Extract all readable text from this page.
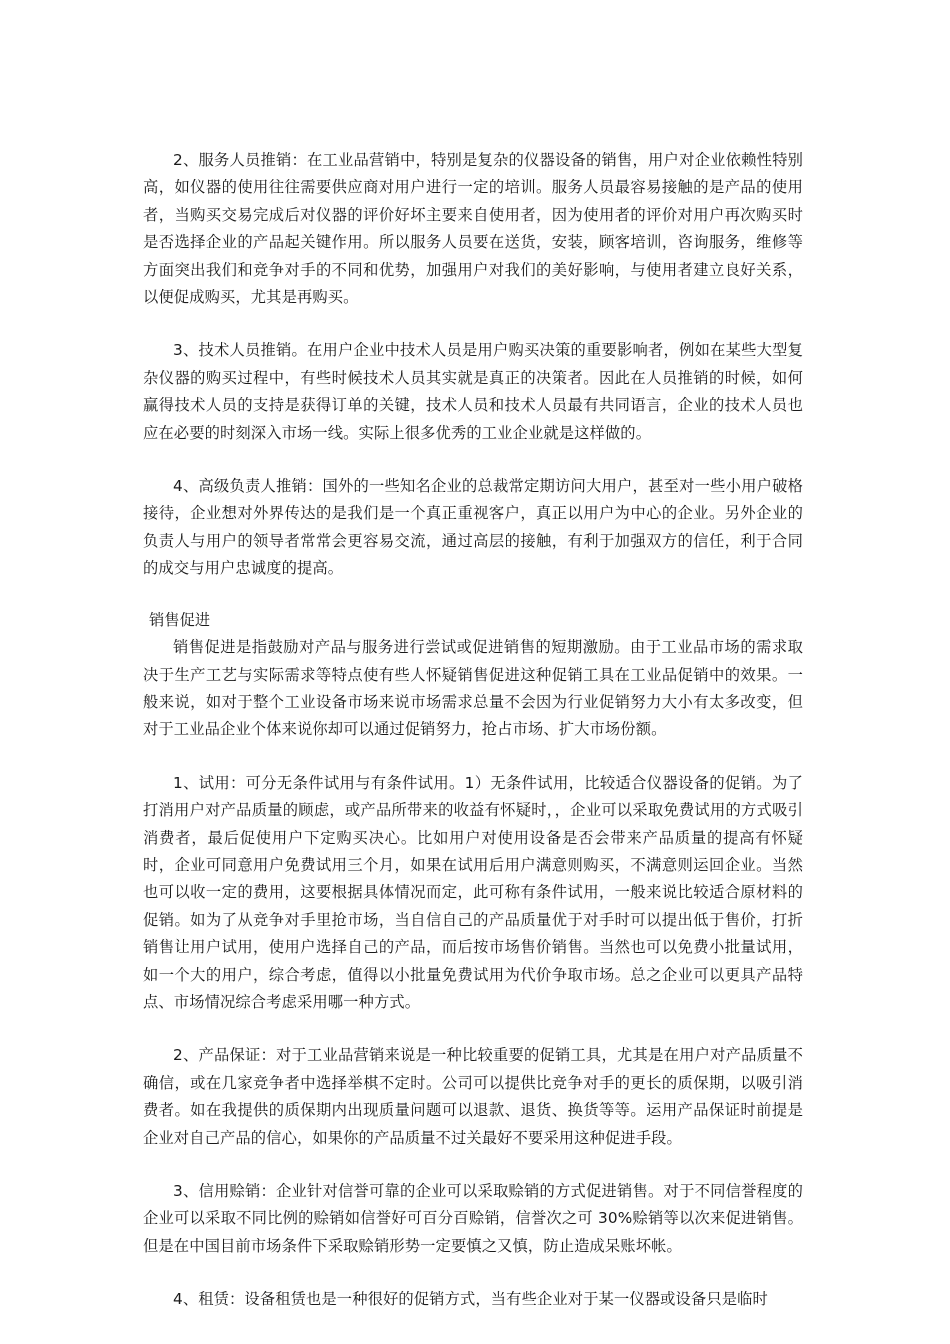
2、服务人员推销：在工业品营销中，特别是复杂的仪器设备的销售，用户对企业依赖性特别高，如仪器的使用往往需要供应商对用户进行一定的培训。服务人员最容易接触的是产品的使用者，当购买交易完成后对仪器的评价好坏主要来自使用者，因为使用者的评价对用户再次购买时是否选择企业的产品起关键作用。所以服务人员要在送货，安装，顾客培训，咨询服务，维修等方面突出我们和竞争对手的不同和优势，加强用户对我们的美好影响，与使用者建立良好关系，以便促成购买，尤其是再购买。

3、技术人员推销。在用户企业中技术人员是用户购买决策的重要影响者，例如在某些大型复杂仪器的购买过程中，有些时候技术人员其实就是真正的决策者。因此在人员推销的时候，如何赢得技术人员的支持是获得订单的关键，技术人员和技术人员最有共同语言，企业的技术人员也应在必要的时刻深入市场一线。实际上很多优秀的工业企业就是这样做的。

4、高级负责人推销：国外的一些知名企业的总裁常定期访问大用户，甚至对一些小用户破格接待，企业想对外界传达的是我们是一个真正重视客户，真正以用户为中心的企业。另外企业的负责人与用户的领导者常常会更容易交流，通过高层的接触，有利于加强双方的信任，利于合同的成交与用户忠诚度的提高。

销售促进

销售促进是指鼓励对产品与服务进行尝试或促进销售的短期激励。由于工业品市场的需求取决于生产工艺与实际需求等特点使有些人怀疑销售促进这种促销工具在工业品促销中的效果。一般来说，如对于整个工业设备市场来说市场需求总量不会因为行业促销努力大小有太多改变，但对于工业品企业个体来说你却可以通过促销努力，抢占市场、扩大市场份额。

1、试用：可分无条件试用与有条件试用。1）无条件试用，比较适合仪器设备的促销。为了打消用户对产品质量的顾虑，或产品所带来的收益有怀疑时，，企业可以采取免费试用的方式吸引消费者，最后促使用户下定购买决心。比如用户对使用设备是否会带来产品质量的提高有怀疑时，企业可同意用户免费试用三个月，如果在试用后用户满意则购买，不满意则运回企业。当然也可以收一定的费用，这要根据具体情况而定，此可称有条件试用，一般来说比较适合原材料的促销。如为了从竞争对手里抢市场，当自信自己的产品质量优于对手时可以提出低于售价，打折销售让用户试用，使用户选择自己的产品，而后按市场售价销售。当然也可以免费小批量试用，如一个大的用户，综合考虑，值得以小批量免费试用为代价争取市场。总之企业可以更具产品特点、市场情况综合考虑采用哪一种方式。

2、产品保证：对于工业品营销来说是一种比较重要的促销工具，尤其是在用户对产品质量不确信，或在几家竞争者中选择举棋不定时。公司可以提供比竞争对手的更长的质保期，以吸引消费者。如在我提供的质保期内出现质量问题可以退款、退货、换货等等。运用产品保证时前提是企业对自己产品的信心，如果你的产品质量不过关最好不要采用这种促进手段。

3、信用赊销：企业针对信誉可靠的企业可以采取赊销的方式促进销售。对于不同信誉程度的企业可以采取不同比例的赊销如信誉好可百分百赊销，信誉次之可 30%赊销等以次来促进销售。但是在中国目前市场条件下采取赊销形势一定要慎之又慎，防止造成呆账坏帐。

4、租赁：设备租赁也是一种很好的促销方式，当有些企业对于某一仪器或设备只是临时
